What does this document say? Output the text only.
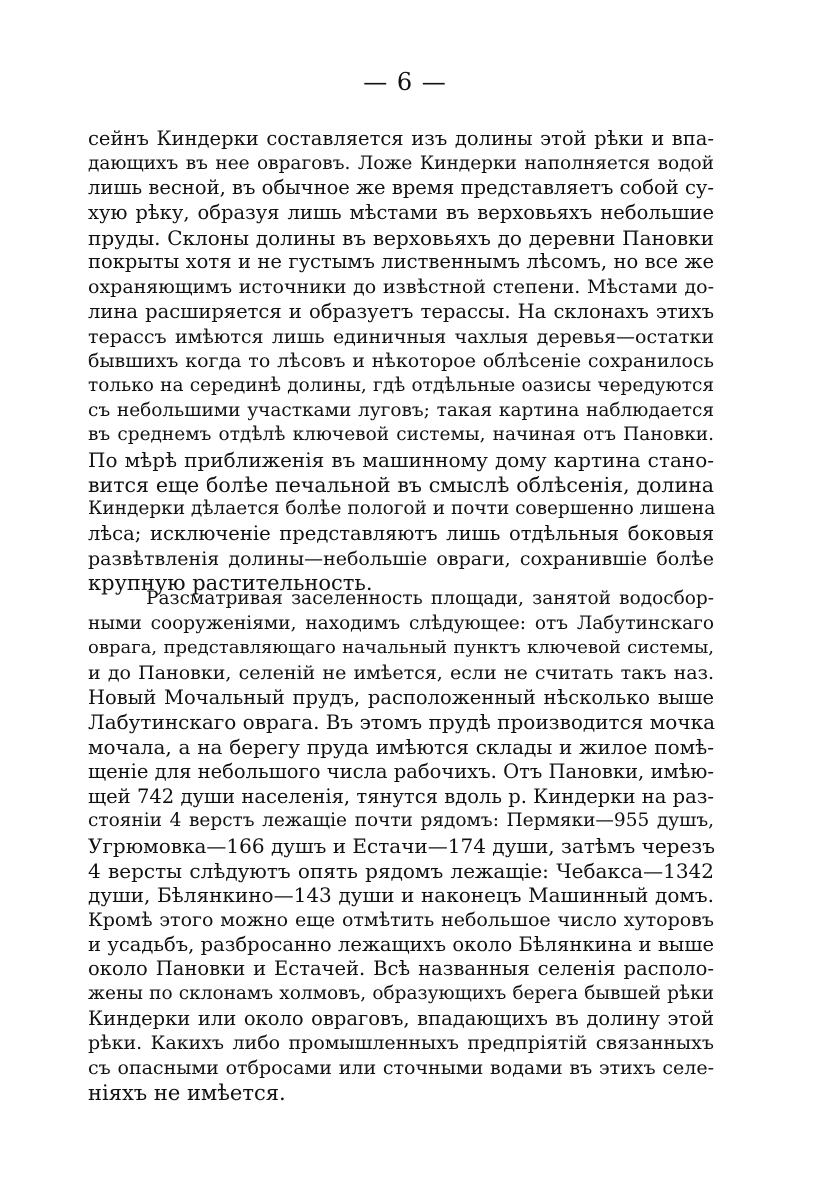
— 6 —
сейнъ Киндерки составляется изъ долины этой рѣки и впа-
дающихъ въ нее овраговъ. Ложе Киндерки наполняется водой
лишь весной, въ обычное же время представляетъ собой су-
хую рѣку, образуя лишь мѣстами въ верховьяхъ небольшие
пруды. Склоны долины въ верховьяхъ до деревни Пановки
покрыты хотя и не густымъ лиственнымъ лѣсомъ, но все же
охраняющимъ источники до извѣстной степени. Мѣстами до-
лина расширяется и образуетъ терассы. На склонахъ этихъ
терассъ имѣются лишь единичныя чахлыя деревья—остатки
бывшихъ когда то лѣсовъ и нѣкоторое облѣсеніе сохранилось
только на серединѣ долины, гдѣ отдѣльные оазисы чередуются
съ небольшими участками луговъ; такая картина наблюдается
въ среднемъ отдѣлѣ ключевой системы, начиная отъ Пановки.
По мѣрѣ приближенія въ машинному дому картина стано-
вится еще болѣе печальной въ смыслѣ облѣсенія, долина
Киндерки дѣлается болѣе пологой и почти совершенно лишена
лѣса; исключеніе представляютъ лишь отдѣльныя боковыя
развѣтвленія долины—небольшіе овраги, сохранившіе болѣе
крупную растительность.
Разсматривая заселенность площади, занятой водосбор-
ными сооруженіями, находимъ слѣдующее: отъ Лабутинскаго
оврага, представляющаго начальный пунктъ ключевой системы,
и до Пановки, селеній не имѣется, если не считать такъ наз.
Новый Мочальный прудъ, расположенный нѣсколько выше
Лабутинскаго оврага. Въ этомъ прудѣ производится мочка
мочала, а на берегу пруда имѣются склады и жилое помѣ-
щеніе для небольшого числа рабочихъ. Отъ Пановки, имѣю-
щей 742 души населенія, тянутся вдоль р. Киндерки на раз-
стояніи 4 верстъ лежащіе почти рядомъ: Пермяки—955 душъ,
Угрюмовка—166 душъ и Естачи—174 души, затѣмъ черезъ
4 версты слѣдуютъ опять рядомъ лежащіе: Чебакса—1342
души, Бѣлянкино—143 души и наконецъ Машинный домъ.
Кромѣ этого можно еще отмѣтить небольшое число хуторовъ
и усадьбъ, разбросанно лежащихъ около Бѣлянкина и выше
около Пановки и Естачей. Всѣ названныя селенія располо-
жены по склонамъ холмовъ, образующихъ берега бывшей рѣки
Киндерки или около овраговъ, впадающихъ въ долину этой
рѣки. Какихъ либо промышленныхъ предпріятій связанныхъ
съ опасными отбросами или сточными водами въ этихъ селе-
ніяхъ не имѣется.
